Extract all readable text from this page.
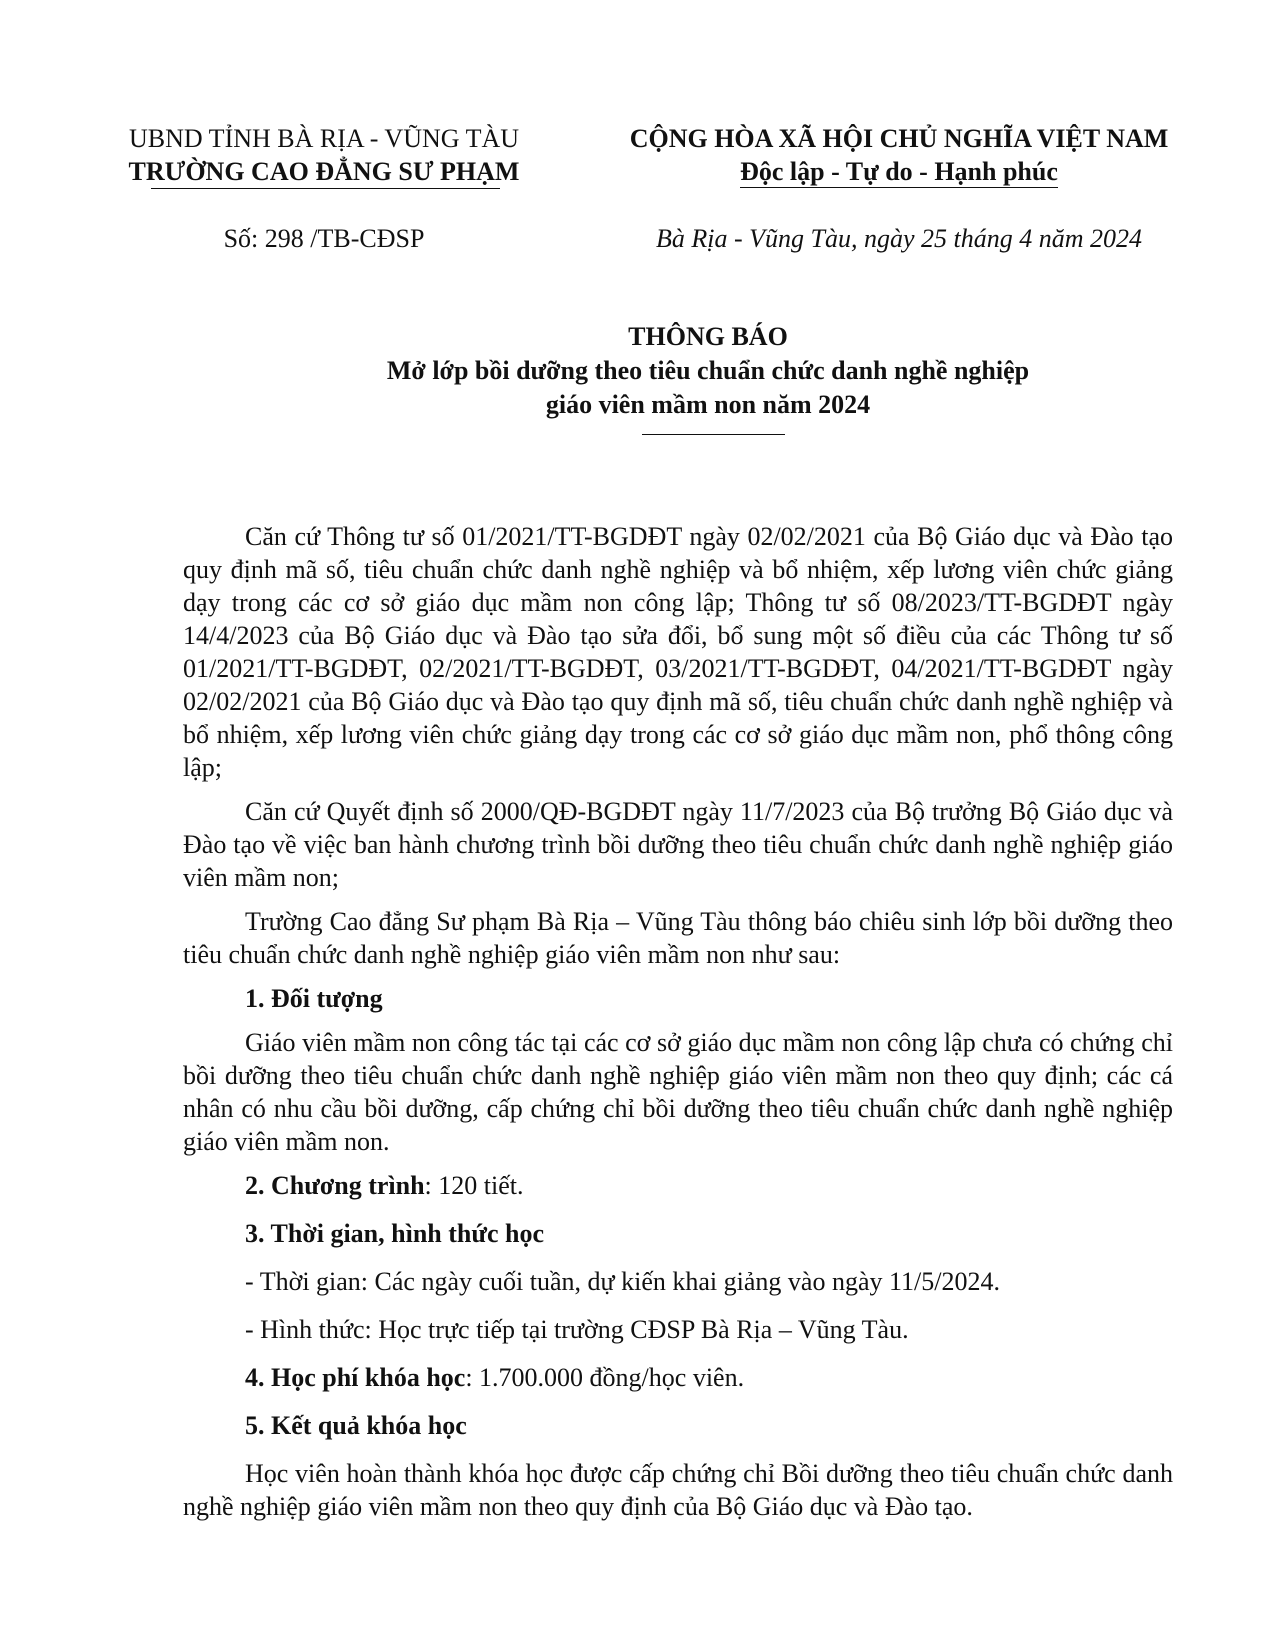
UBND TỈNH BÀ RỊA - VŨNG TÀU
TRƯỜNG CAO ĐẲNG SƯ PHẠM
CỘNG HÒA XÃ HỘI CHỦ NGHĨA VIỆT NAM
Độc lập - Tự do - Hạnh phúc
Số: 298 /TB-CĐSP	Bà Rịa - Vũng Tàu, ngày 25 tháng 4 năm 2024
THÔNG BÁO
Mở lớp bồi dưỡng theo tiêu chuẩn chức danh nghề nghiệp
giáo viên mầm non năm 2024

Căn cứ Thông tư số 01/2021/TT-BGDĐT ngày 02/02/2021 của Bộ Giáo dục và Đào tạo quy định mã số, tiêu chuẩn chức danh nghề nghiệp và bổ nhiệm, xếp lương viên chức giảng dạy trong các cơ sở giáo dục mầm non công lập; Thông tư số 08/2023/TT-BGDĐT ngày 14/4/2023 của Bộ Giáo dục và Đào tạo sửa đổi, bổ sung một số điều của các Thông tư số 01/2021/TT-BGDĐT, 02/2021/TT-BGDĐT, 03/2021/TT-BGDĐT, 04/2021/TT-BGDĐT ngày 02/02/2021 của Bộ Giáo dục và Đào tạo quy định mã số, tiêu chuẩn chức danh nghề nghiệp và bổ nhiệm, xếp lương viên chức giảng dạy trong các cơ sở giáo dục mầm non, phổ thông công lập;

Căn cứ Quyết định số 2000/QĐ-BGDĐT ngày 11/7/2023 của Bộ trưởng Bộ Giáo dục và Đào tạo về việc ban hành chương trình bồi dưỡng theo tiêu chuẩn chức danh nghề nghiệp giáo viên mầm non;

Trường Cao đẳng Sư phạm Bà Rịa – Vũng Tàu thông báo chiêu sinh lớp bồi dưỡng theo tiêu chuẩn chức danh nghề nghiệp giáo viên mầm non như sau:

1. Đối tượng

Giáo viên mầm non công tác tại các cơ sở giáo dục mầm non công lập chưa có chứng chỉ bồi dưỡng theo tiêu chuẩn chức danh nghề nghiệp giáo viên mầm non theo quy định; các cá nhân có nhu cầu bồi dưỡng, cấp chứng chỉ bồi dưỡng theo tiêu chuẩn chức danh nghề nghiệp giáo viên mầm non.

2. Chương trình: 120 tiết.

3. Thời gian, hình thức học

- Thời gian: Các ngày cuối tuần, dự kiến khai giảng vào ngày 11/5/2024.

- Hình thức: Học trực tiếp tại trường CĐSP Bà Rịa – Vũng Tàu.

4. Học phí khóa học: 1.700.000 đồng/học viên.

5. Kết quả khóa học

Học viên hoàn thành khóa học được cấp chứng chỉ Bồi dưỡng theo tiêu chuẩn chức danh nghề nghiệp giáo viên mầm non theo quy định của Bộ Giáo dục và Đào tạo.
